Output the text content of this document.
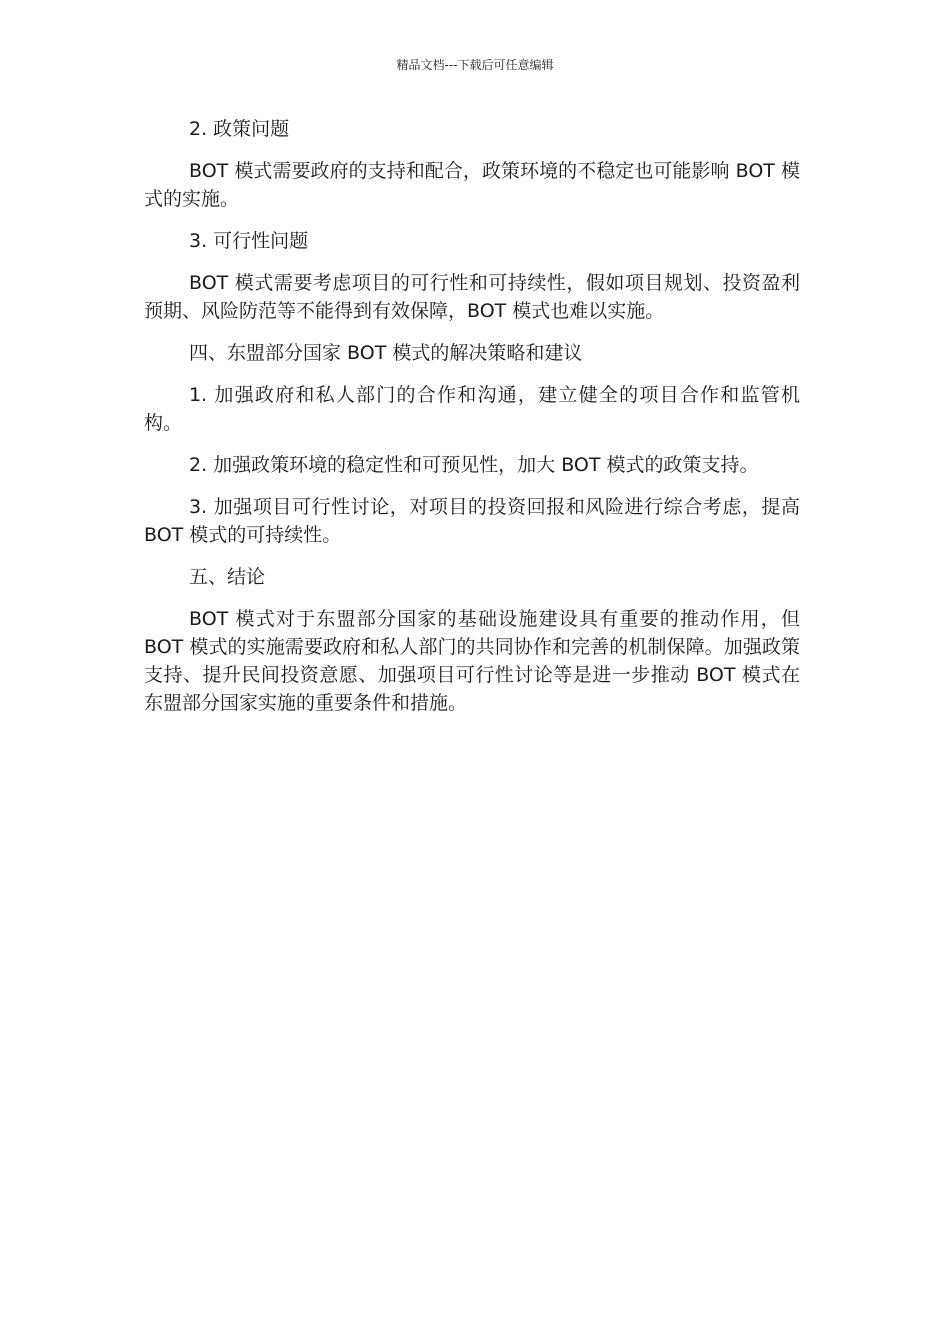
精品文档---下载后可任意编辑

2. 政策问题

BOT 模式需要政府的支持和配合，政策环境的不稳定也可能影响 BOT 模式的实施。

3. 可行性问题

BOT 模式需要考虑项目的可行性和可持续性，假如项目规划、投资盈利预期、风险防范等不能得到有效保障，BOT 模式也难以实施。

四、东盟部分国家 BOT 模式的解决策略和建议

1. 加强政府和私人部门的合作和沟通，建立健全的项目合作和监管机构。

2. 加强政策环境的稳定性和可预见性，加大 BOT 模式的政策支持。

3. 加强项目可行性讨论，对项目的投资回报和风险进行综合考虑，提高 BOT 模式的可持续性。

五、结论

BOT 模式对于东盟部分国家的基础设施建设具有重要的推动作用，但 BOT 模式的实施需要政府和私人部门的共同协作和完善的机制保障。加强政策支持、提升民间投资意愿、加强项目可行性讨论等是进一步推动 BOT 模式在东盟部分国家实施的重要条件和措施。
